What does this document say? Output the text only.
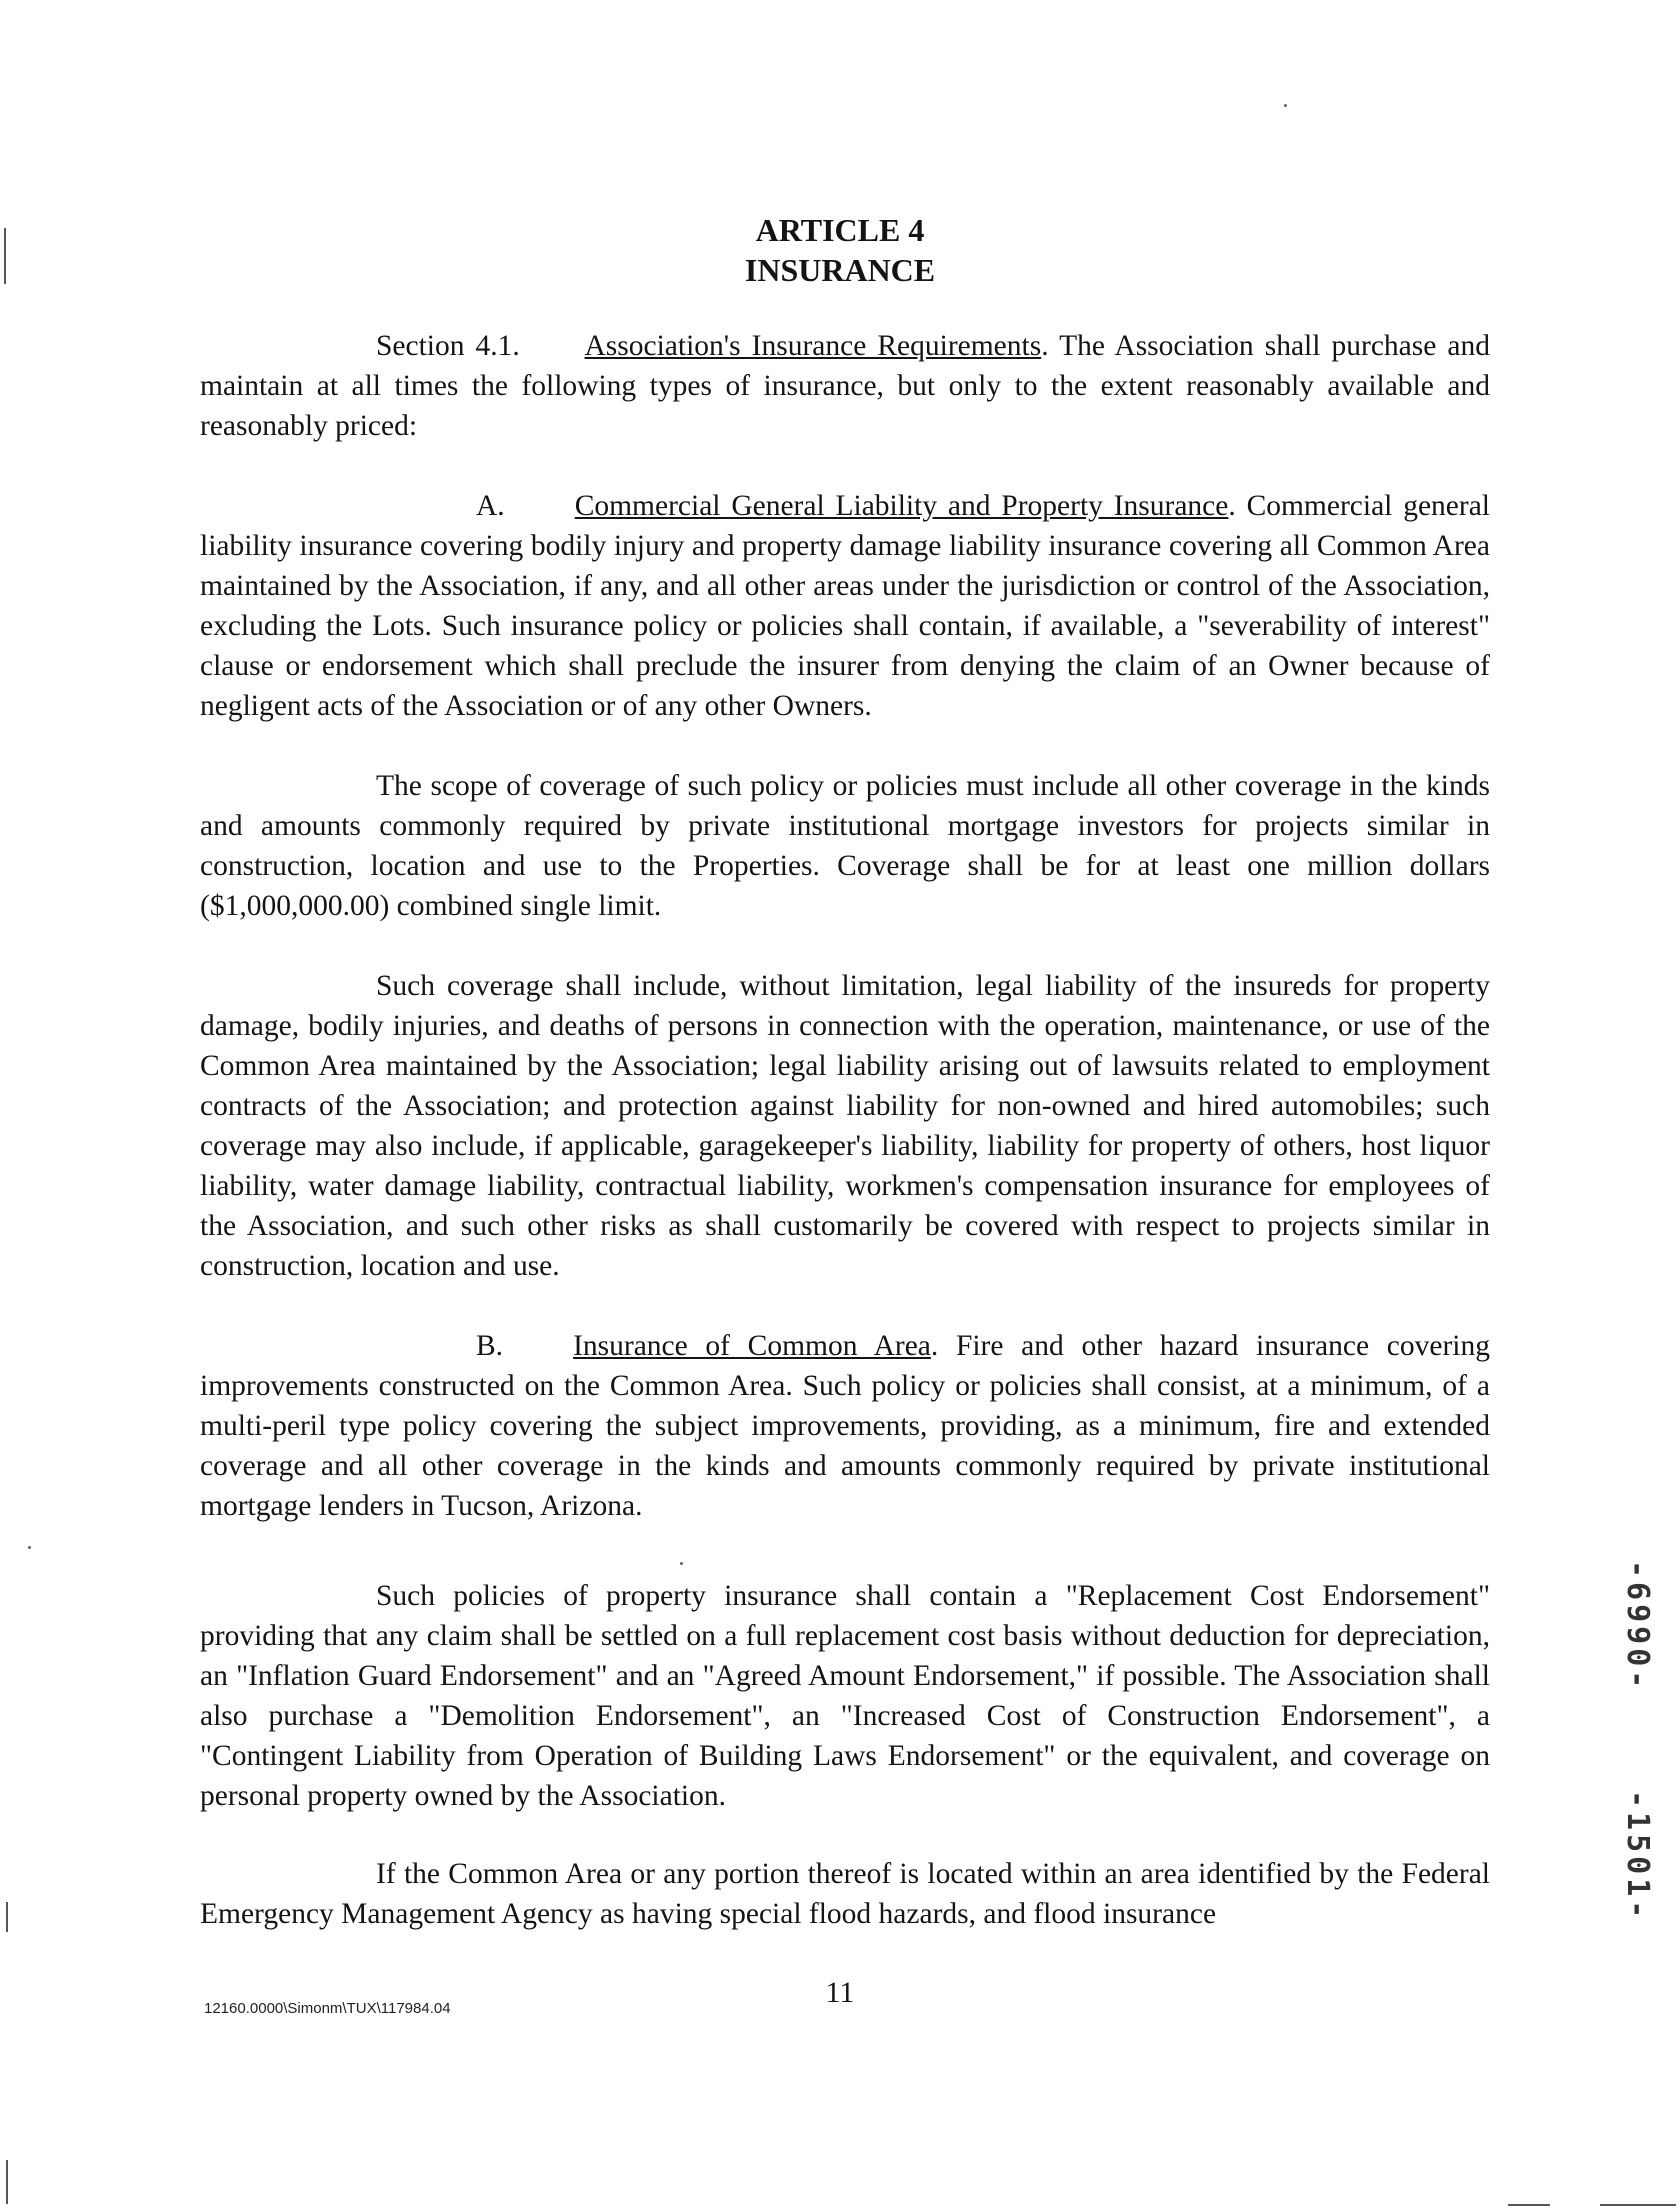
ARTICLE 4
INSURANCE

Section 4.1. Association's Insurance Requirements. The Association shall purchase and maintain at all times the following types of insurance, but only to the extent reasonably available and reasonably priced:

A. Commercial General Liability and Property Insurance. Commercial general liability insurance covering bodily injury and property damage liability insurance covering all Common Area maintained by the Association, if any, and all other areas under the jurisdiction or control of the Association, excluding the Lots. Such insurance policy or policies shall contain, if available, a "severability of interest" clause or endorsement which shall preclude the insurer from denying the claim of an Owner because of negligent acts of the Association or of any other Owners.

The scope of coverage of such policy or policies must include all other coverage in the kinds and amounts commonly required by private institutional mortgage investors for projects similar in construction, location and use to the Properties. Coverage shall be for at least one million dollars ($1,000,000.00) combined single limit.

Such coverage shall include, without limitation, legal liability of the insureds for property damage, bodily injuries, and deaths of persons in connection with the operation, maintenance, or use of the Common Area maintained by the Association; legal liability arising out of lawsuits related to employment contracts of the Association; and protection against liability for non-owned and hired automobiles; such coverage may also include, if applicable, garagekeeper's liability, liability for property of others, host liquor liability, water damage liability, contractual liability, workmen's compensation insurance for employees of the Association, and such other risks as shall customarily be covered with respect to projects similar in construction, location and use.

B. Insurance of Common Area. Fire and other hazard insurance covering improvements constructed on the Common Area. Such policy or policies shall consist, at a minimum, of a multi-peril type policy covering the subject improvements, providing, as a minimum, fire and extended coverage and all other coverage in the kinds and amounts commonly required by private institutional mortgage lenders in Tucson, Arizona.

Such policies of property insurance shall contain a "Replacement Cost Endorsement" providing that any claim shall be settled on a full replacement cost basis without deduction for depreciation, an "Inflation Guard Endorsement" and an "Agreed Amount Endorsement," if possible. The Association shall also purchase a "Demolition Endorsement", an "Increased Cost of Construction Endorsement", a "Contingent Liability from Operation of Building Laws Endorsement" or the equivalent, and coverage on personal property owned by the Association.

If the Common Area or any portion thereof is located within an area identified by the Federal Emergency Management Agency as having special flood hazards, and flood insurance

12160.0000\Simonm\TUX\117984.04	11
-6990-
-1501-
